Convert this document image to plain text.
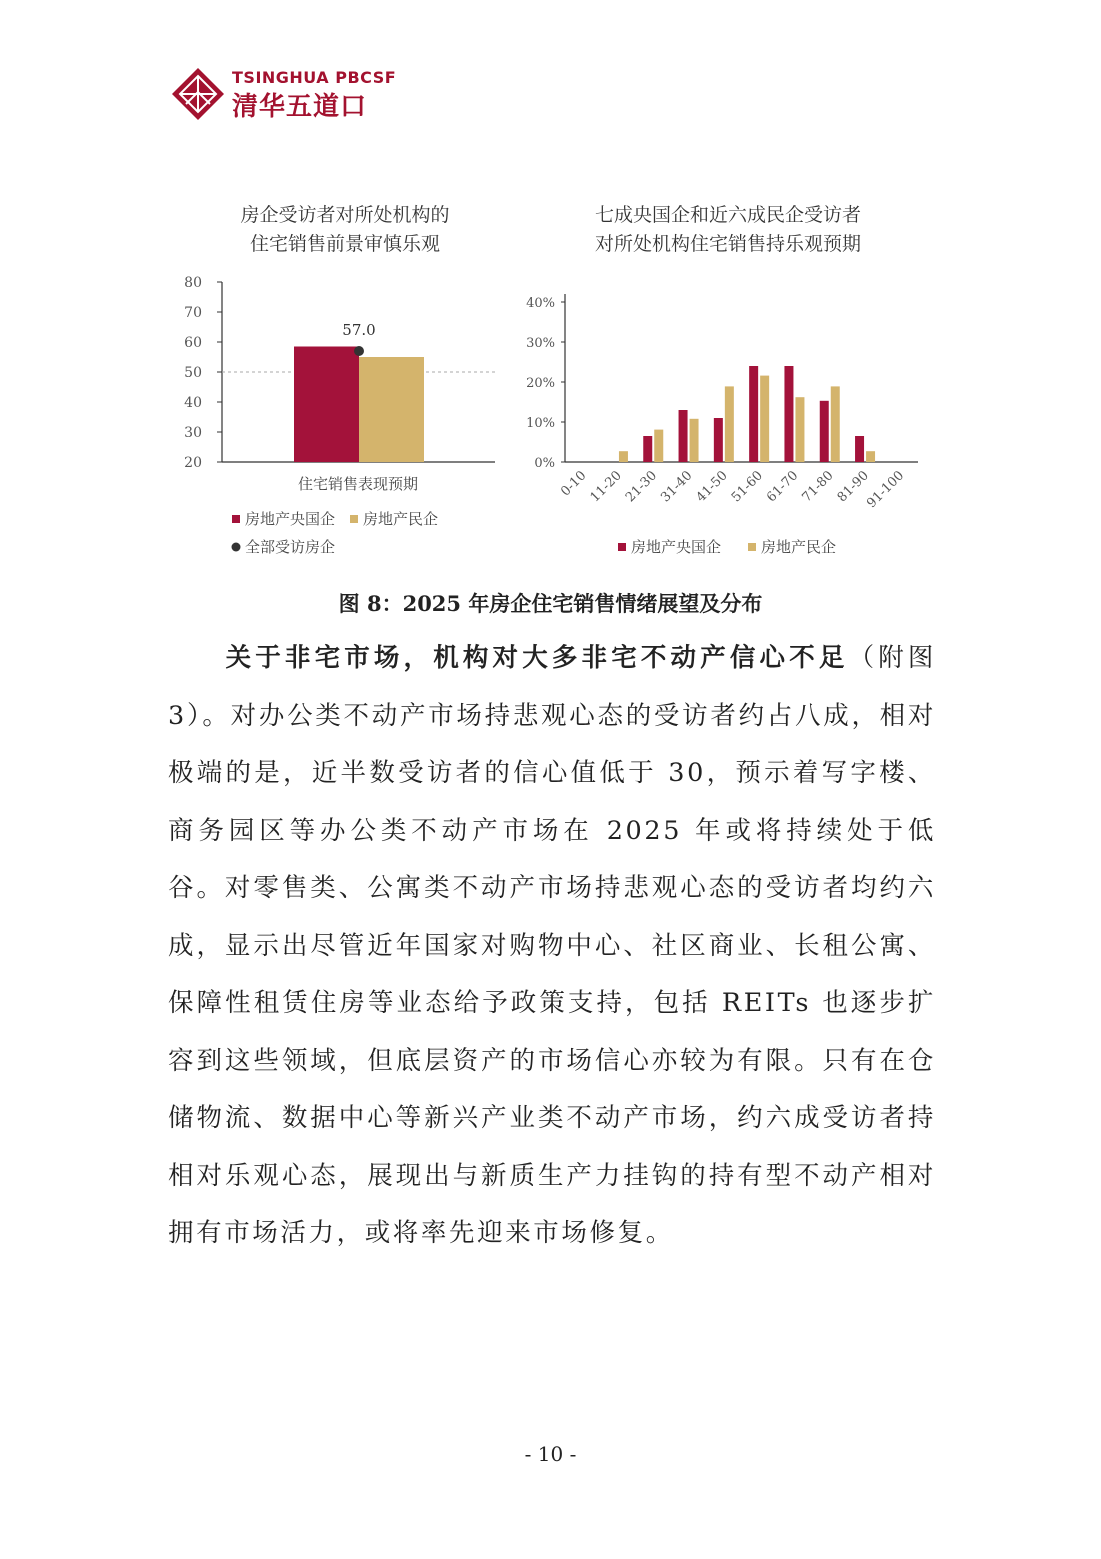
TSINGHUA PBCSF
清华五道口
房企受访者对所处机构的
住宅销售前景审慎乐观
七成央国企和近六成民企受访者
对所处机构住宅销售持乐观预期
20
30
40
50
60
70
80
57.0
住宅销售表现预期
房地产央国企 房地产民企
全部受访房企
0%
10%
20%
30%
40%
0-10
11-20
21-30
31-40
41-50
51-60
61-70
71-80
81-90
91-100
房地产央国企	房地产民企
图 8：2025 年房企住宅销售情绪展望及分布
关于非宅市场，机构对大多非宅不动产信心不足（附图 3）。对办公类不动产市场持悲观心态的受访者约占八成，相对极端的是，近半数受访者的信心值低于 30，预示着写字楼、商务园区等办公类不动产市场在 2025 年或将持续处于低谷。对零售类、公寓类不动产市场持悲观心态的受访者均约六成，显示出尽管近年国家对购物中心、社区商业、长租公寓、保障性租赁住房等业态给予政策支持，包括 REITs 也逐步扩容到这些领域，但底层资产的市场信心亦较为有限。只有在仓储物流、数据中心等新兴产业类不动产市场，约六成受访者持相对乐观心态，展现出与新质生产力挂钩的持有型不动产相对拥有市场活力，或将率先迎来市场修复。
- 10 -
